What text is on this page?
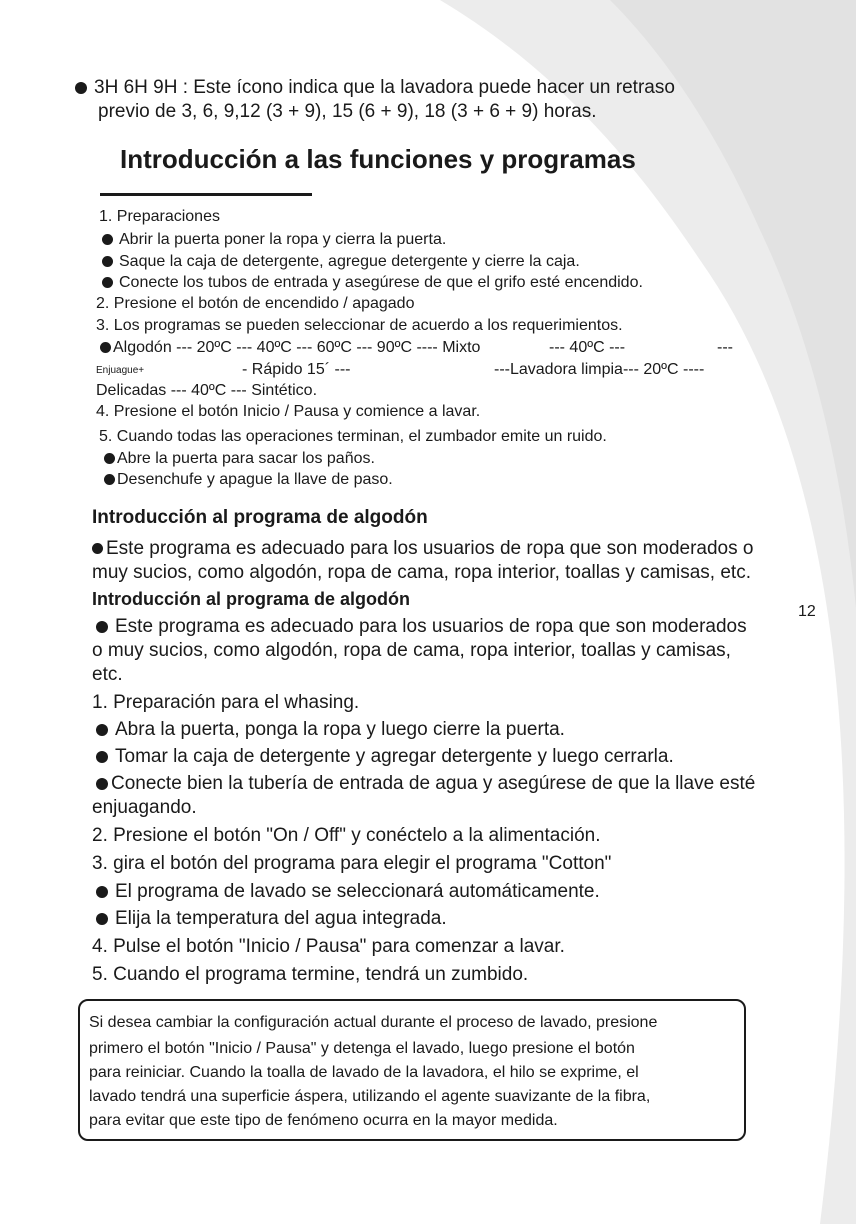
3H 6H 9H : Este ícono indica que la lavadora puede hacer un retraso
previo de 3, 6, 9,12 (3 + 9), 15 (6 + 9), 18 (3 + 6 + 9) horas.
Introducción a las funciones y programas
1. Preparaciones
Abrir la puerta poner la ropa y cierra la puerta.
Saque la caja de detergente, agregue detergente y cierre la caja.
Conecte los tubos de entrada y asegúrese de que el grifo esté encendido.
2. Presione el botón de encendido / apagado
3. Los programas se pueden seleccionar de acuerdo a los requerimientos.
Algodón --- 20ºC --- 40ºC --- 60ºC --- 90ºC ---- Mixto	--- 40ºC ---	---
Enjuague+	- Rápido 15´ ---	---Lavadora limpia--- 20ºC ----
Delicadas --- 40ºC --- Sintético.
4. Presione el botón Inicio / Pausa y comience a lavar.
5. Cuando todas las operaciones terminan, el zumbador emite un ruido.
Abre la puerta para sacar los paños.
Desenchufe y apague la llave de paso.
Introducción al programa de algodón
Este programa es adecuado para los usuarios de ropa que son moderados o
muy sucios, como algodón, ropa de cama, ropa interior, toallas y camisas, etc.
Introducción al programa de algodón
Este programa es adecuado para los usuarios de ropa que son moderados
o muy sucios, como algodón, ropa de cama, ropa interior, toallas y camisas,
etc.
1. Preparación para el whasing.
Abra la puerta, ponga la ropa y luego cierre la puerta.
Tomar la caja de detergente y agregar detergente y luego cerrarla.
Conecte bien la tubería de entrada de agua y asegúrese de que la llave esté
enjuagando.
2. Presione el botón "On / Off" y conéctelo a la alimentación.
3. gira el botón del programa para elegir el programa "Cotton"
El programa de lavado se seleccionará automáticamente.
Elija la temperatura del agua integrada.
4. Pulse el botón "Inicio / Pausa" para comenzar a lavar.
5. Cuando el programa termine, tendrá un zumbido.
12
Si desea cambiar la configuración actual durante el proceso de lavado, presione
primero el botón "Inicio / Pausa" y detenga el lavado, luego presione el botón
para reiniciar. Cuando la toalla de lavado de la lavadora, el hilo se exprime, el
lavado tendrá una superficie áspera, utilizando el agente suavizante de la fibra,
para evitar que este tipo de fenómeno ocurra en la mayor medida.
